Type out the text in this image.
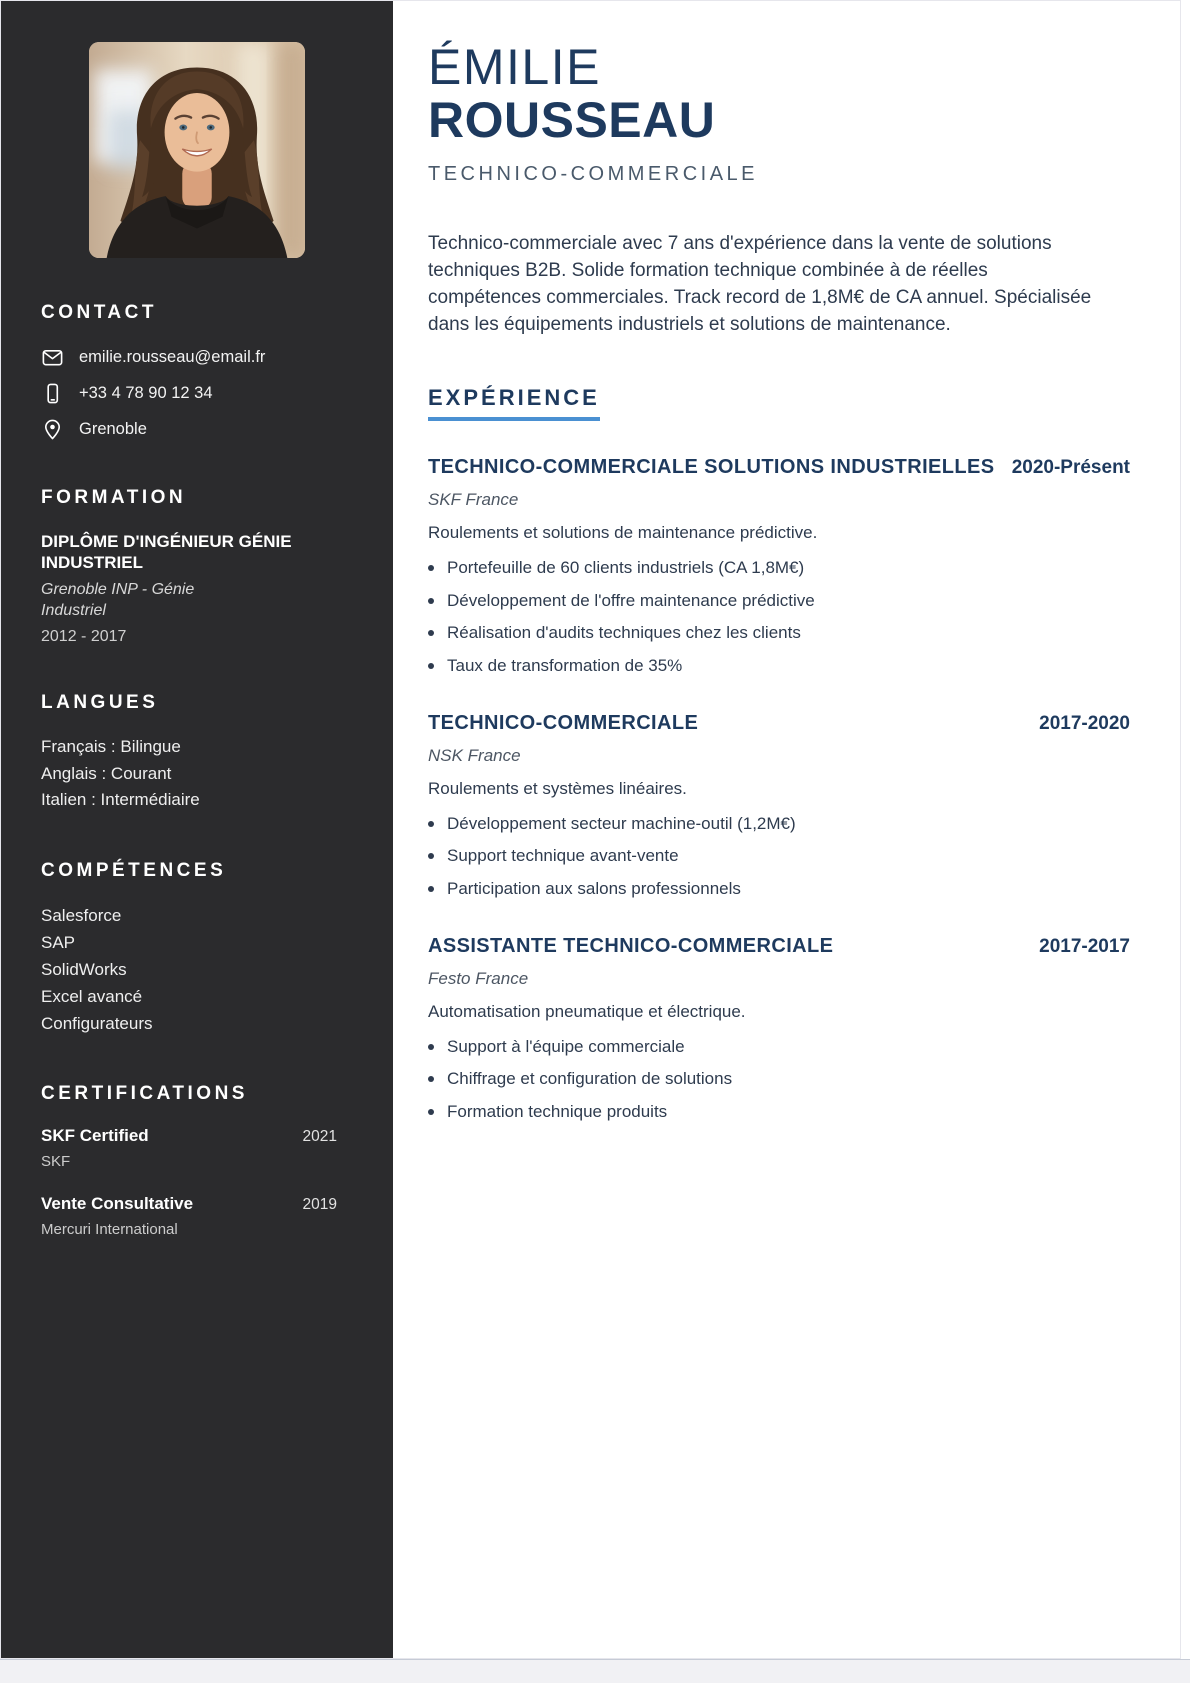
CONTACT
emilie.rousseau@email.fr
+33 4 78 90 12 34
Grenoble
FORMATION
DIPLÔME D'INGÉNIEUR GÉNIE INDUSTRIEL
Grenoble INP - Génie Industriel
2012 - 2017
LANGUES
Français : Bilingue
Anglais : Courant
Italien : Intermédiaire
COMPÉTENCES
Salesforce
SAP
SolidWorks
Excel avancé
Configurateurs
CERTIFICATIONS
SKF Certified	2021
SKF
Vente Consultative	2019
Mercuri International
ÉMILIE
ROUSSEAU
TECHNICO-COMMERCIALE

Technico-commerciale avec 7 ans d'expérience dans la vente de solutions techniques B2B. Solide formation technique combinée à de réelles compétences commerciales. Track record de 1,8M€ de CA annuel. Spécialisée dans les équipements industriels et solutions de maintenance.

EXPÉRIENCE
TECHNICO-COMMERCIALE SOLUTIONS INDUSTRIELLES 2020-Présent
SKF France
Roulements et solutions de maintenance prédictive.
Portefeuille de 60 clients industriels (CA 1,8M€)
Développement de l'offre maintenance prédictive
Réalisation d'audits techniques chez les clients
Taux de transformation de 35%
TECHNICO-COMMERCIALE	2017-2020
NSK France
Roulements et systèmes linéaires.
Développement secteur machine-outil (1,2M€)
Support technique avant-vente
Participation aux salons professionnels
ASSISTANTE TECHNICO-COMMERCIALE	2017-2017
Festo France
Automatisation pneumatique et électrique.
Support à l'équipe commerciale
Chiffrage et configuration de solutions
Formation technique produits
